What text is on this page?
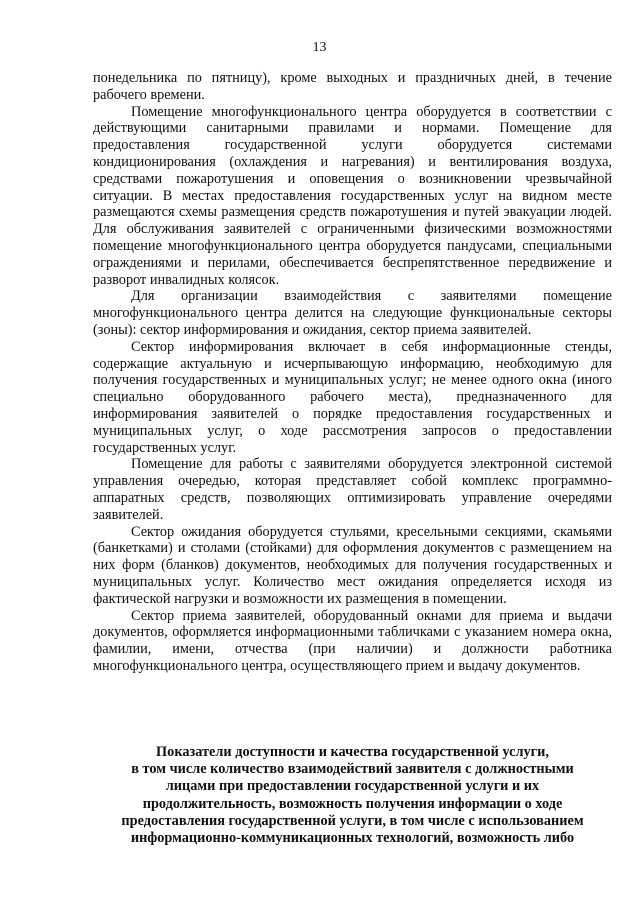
13

понедельника по пятницу), кроме выходных и праздничных дней, в течение рабочего времени.

Помещение многофункционального центра оборудуется в соответствии с действующими санитарными правилами и нормами. Помещение для предоставления государственной услуги оборудуется системами кондиционирования (охлаждения и нагревания) и вентилирования воздуха, средствами пожаротушения и оповещения о возникновении чрезвычайной ситуации. В местах предоставления государственных услуг на видном месте размещаются схемы размещения средств пожаротушения и путей эвакуации людей. Для обслуживания заявителей с ограниченными физическими возможностями помещение многофункционального центра оборудуется пандусами, специальными ограждениями и перилами, обеспечивается беспрепятственное передвижение и разворот инвалидных колясок.

Для организации взаимодействия с заявителями помещение многофункционального центра делится на следующие функциональные секторы (зоны): сектор информирования и ожидания, сектор приема заявителей.

Сектор информирования включает в себя информационные стенды, содержащие актуальную и исчерпывающую информацию, необходимую для получения государственных и муниципальных услуг; не менее одного окна (иного специально оборудованного рабочего места), предназначенного для информирования заявителей о порядке предоставления государственных и муниципальных услуг, о ходе рассмотрения запросов о предоставлении государственных услуг.

Помещение для работы с заявителями оборудуется электронной системой управления очередью, которая представляет собой комплекс программно-аппаратных средств, позволяющих оптимизировать управление очередями заявителей.

Сектор ожидания оборудуется стульями, кресельными секциями, скамьями (банкетками) и столами (стойками) для оформления документов с размещением на них форм (бланков) документов, необходимых для получения государственных и муниципальных услуг. Количество мест ожидания определяется исходя из фактической нагрузки и возможности их размещения в помещении.

Сектор приема заявителей, оборудованный окнами для приема и выдачи документов, оформляется информационными табличками с указанием номера окна, фамилии, имени, отчества (при наличии) и должности работника многофункционального центра, осуществляющего прием и выдачу документов.

Показатели доступности и качества государственной услуги,
в том числе количество взаимодействий заявителя с должностными
лицами при предоставлении государственной услуги и их
продолжительность, возможность получения информации о ходе
предоставления государственной услуги, в том числе с использованием
информационно-коммуникационных технологий, возможность либо
